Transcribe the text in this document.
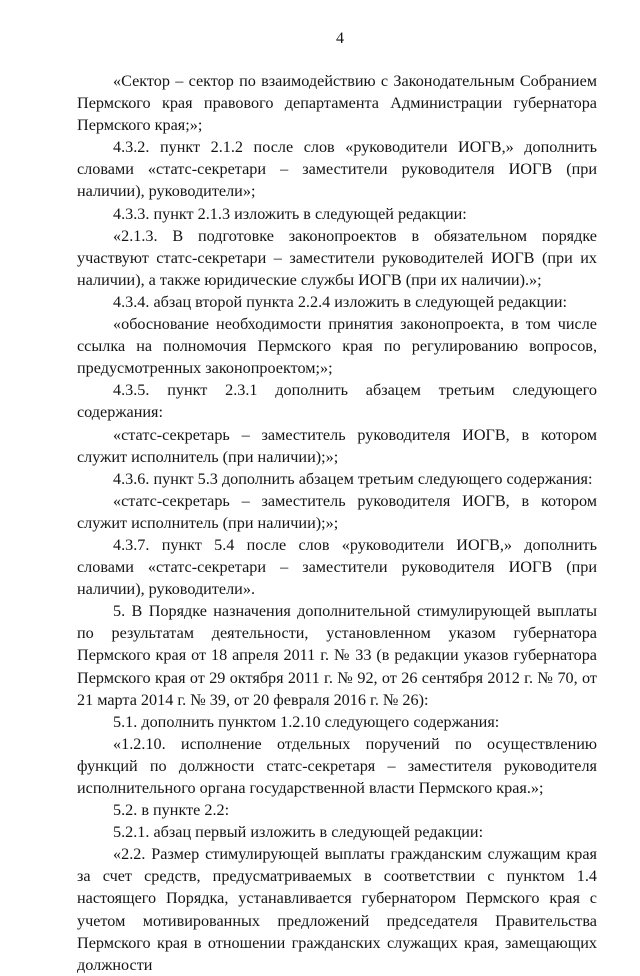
4

«Сектор – сектор по взаимодействию с Законодательным Собранием Пермского края правового департамента Администрации губернатора Пермского края;»;

4.3.2. пункт 2.1.2 после слов «руководители ИОГВ,» дополнить словами «статс-секретари – заместители руководителя ИОГВ (при наличии), руководители»;

4.3.3. пункт 2.1.3 изложить в следующей редакции:

«2.1.3. В подготовке законопроектов в обязательном порядке участвуют статс-секретари – заместители руководителей ИОГВ (при их наличии), а также юридические службы ИОГВ (при их наличии).»;

4.3.4. абзац второй пункта 2.2.4 изложить в следующей редакции:

«обоснование необходимости принятия законопроекта, в том числе ссылка на полномочия Пермского края по регулированию вопросов, предусмотренных законопроектом;»;

4.3.5. пункт 2.3.1 дополнить абзацем третьим следующего содержания:

«статс-секретарь – заместитель руководителя ИОГВ, в котором служит исполнитель (при наличии);»;

4.3.6. пункт 5.3 дополнить абзацем третьим следующего содержания:

«статс-секретарь – заместитель руководителя ИОГВ, в котором служит исполнитель (при наличии);»;

4.3.7. пункт 5.4 после слов «руководители ИОГВ,» дополнить словами «статс-секретари – заместители руководителя ИОГВ (при наличии), руководители».

5. В Порядке назначения дополнительной стимулирующей выплаты по результатам деятельности, установленном указом губернатора Пермского края от 18 апреля 2011 г. № 33 (в редакции указов губернатора Пермского края от 29 октября 2011 г. № 92, от 26 сентября 2012 г. № 70, от 21 марта 2014 г. № 39, от 20 февраля 2016 г. № 26):

5.1. дополнить пунктом 1.2.10 следующего содержания:

«1.2.10. исполнение отдельных поручений по осуществлению функций по должности статс-секретаря – заместителя руководителя исполнительного органа государственной власти Пермского края.»;

5.2. в пункте 2.2:

5.2.1. абзац первый изложить в следующей редакции:

«2.2. Размер стимулирующей выплаты гражданским служащим края за счет средств, предусматриваемых в соответствии с пунктом 1.4 настоящего Порядка, устанавливается губернатором Пермского края с учетом мотивированных предложений председателя Правительства Пермского края в отношении гражданских служащих края, замещающих должности
